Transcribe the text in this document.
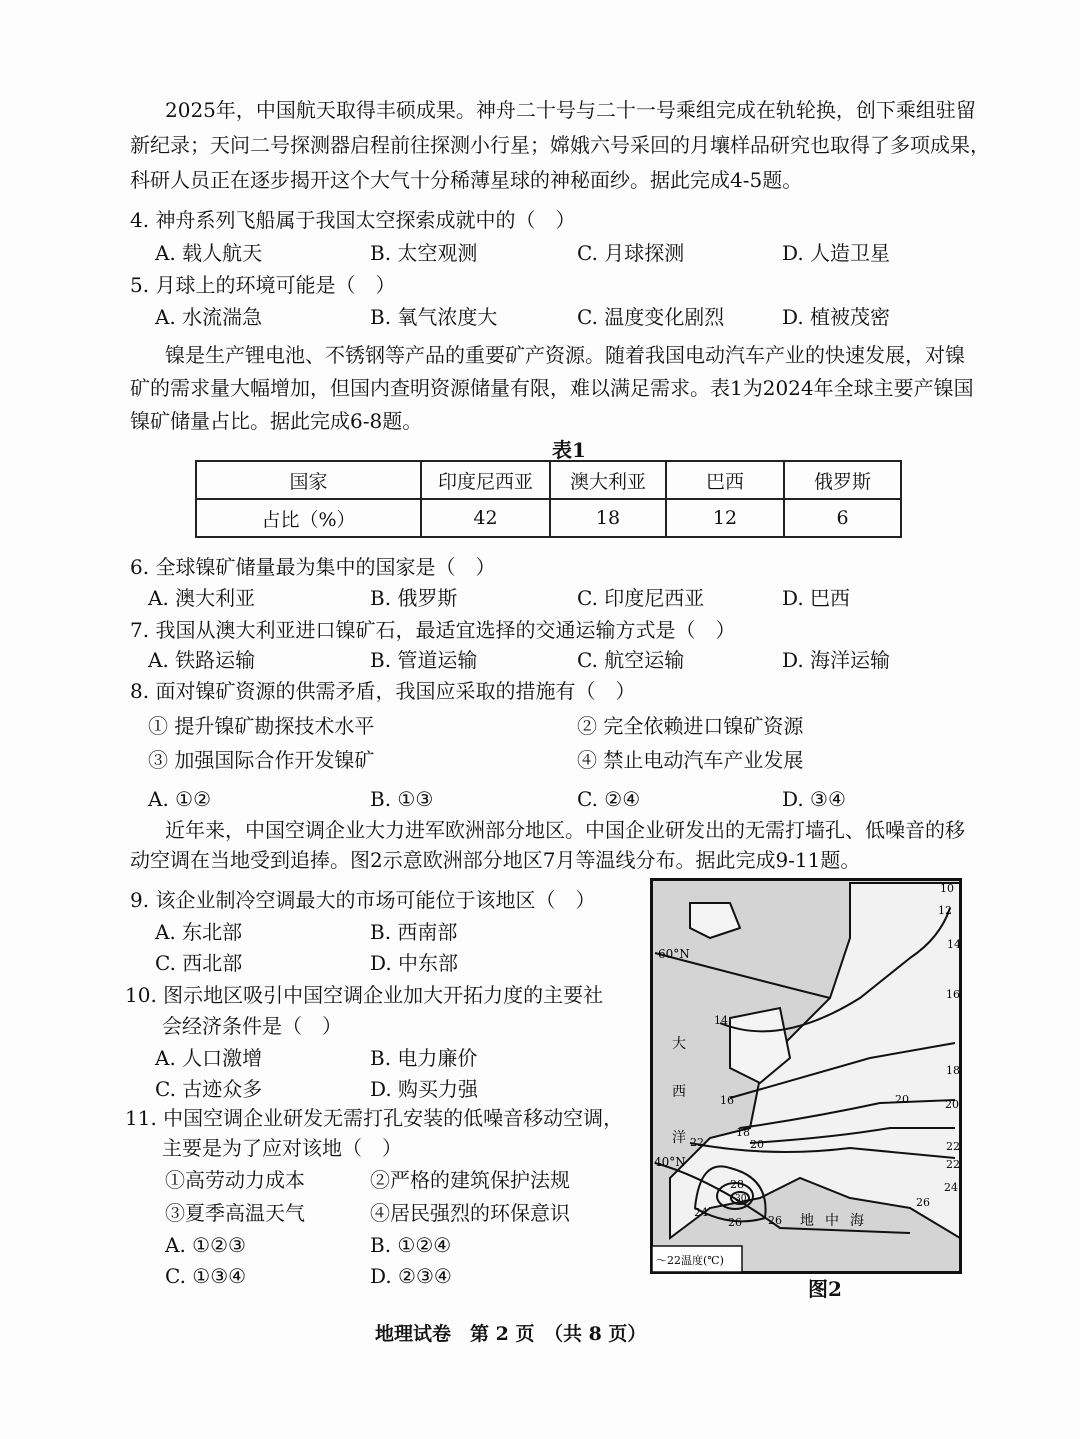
2025年，中国航天取得丰硕成果。神舟二十号与二十一号乘组完成在轨轮换，创下乘组驻留
新纪录；天问二号探测器启程前往探测小行星；嫦娥六号采回的月壤样品研究也取得了多项成果，
科研人员正在逐步揭开这个大气十分稀薄星球的神秘面纱。据此完成4-5题。
4. 神舟系列飞船属于我国太空探索成就中的（　）
A. 载人航天	B. 太空观测	C. 月球探测	D. 人造卫星
5. 月球上的环境可能是（　）
A. 水流湍急	B. 氧气浓度大	C. 温度变化剧烈	D. 植被茂密
镍是生产锂电池、不锈钢等产品的重要矿产资源。随着我国电动汽车产业的快速发展，对镍
矿的需求量大幅增加，但国内查明资源储量有限，难以满足需求。表1为2024年全球主要产镍国
镍矿储量占比。据此完成6-8题。
表1
国家	印度尼西亚	澳大利亚	巴西	俄罗斯
占比（%）	42	18	12	6
6. 全球镍矿储量最为集中的国家是（　）
A. 澳大利亚	B. 俄罗斯	C. 印度尼西亚	D. 巴西
7. 我国从澳大利亚进口镍矿石，最适宜选择的交通运输方式是（　）
A. 铁路运输	B. 管道运输	C. 航空运输	D. 海洋运输
8. 面对镍矿资源的供需矛盾，我国应采取的措施有（　）
① 提升镍矿勘探技术水平	② 完全依赖进口镍矿资源
③ 加强国际合作开发镍矿	④ 禁止电动汽车产业发展
A. ①②	B. ①③	C. ②④	D. ③④
近年来，中国空调企业大力进军欧洲部分地区。中国企业研发出的无需打墙孔、低噪音的移
动空调在当地受到追捧。图2示意欧洲部分地区7月等温线分布。据此完成9-11题。
9. 该企业制冷空调最大的市场可能位于该地区（　）
A. 东北部	B. 西南部
C. 西北部	D. 中东部
10. 图示地区吸引中国空调企业加大开拓力度的主要社
会经济条件是（　）
A. 人口激增	B. 电力廉价
C. 古迹众多	D. 购买力强
11. 中国空调企业研发无需打孔安装的低噪音移动空调，
主要是为了应对该地（　）
①高劳动力成本	②严格的建筑保护法规
③夏季高温天气	④居民强烈的环保意识
A. ①②③	B. ①②④
C. ①③④	D. ②③④
60°N
40°N
大
西
洋
地 中 海
10
12
14
16
14
16
18
18
20
20	20
22	22
22
24
24
26 26
26
28
30
～22温度(℃)
图2
地理试卷　第 2 页　（共 8 页）
